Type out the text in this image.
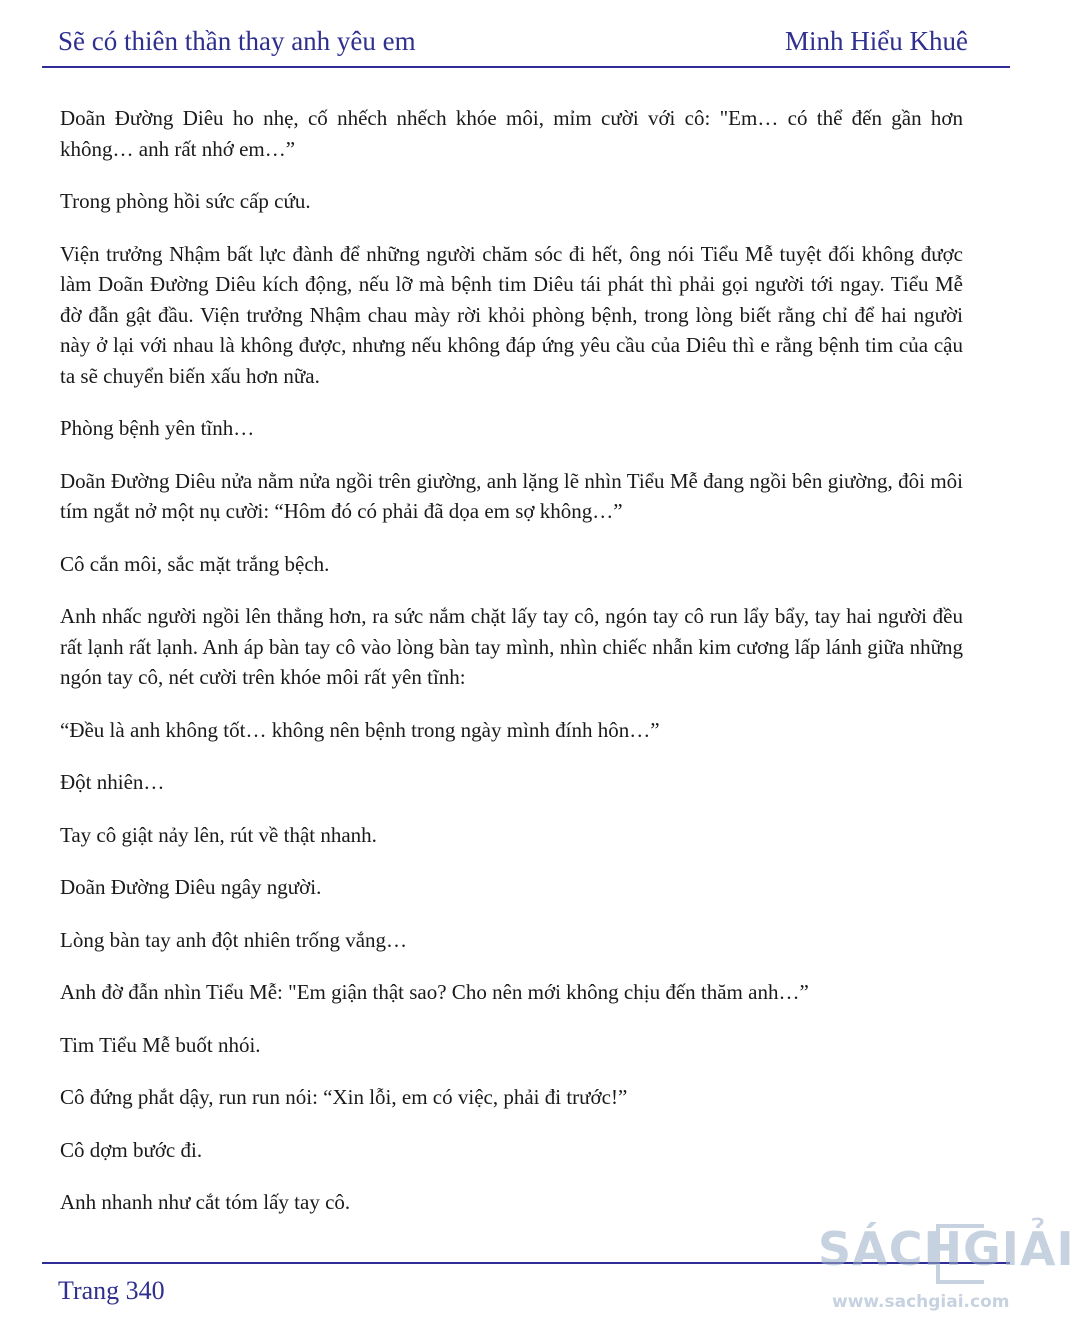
Sẽ có thiên thần thay anh yêu em	Minh Hiểu Khuê

Doãn Đường Diêu ho nhẹ, cố nhếch nhếch khóe môi, mỉm cười với cô: "Em… có thể đến gần hơn không… anh rất nhớ em…”

Trong phòng hồi sức cấp cứu.

Viện trưởng Nhậm bất lực đành để những người chăm sóc đi hết, ông nói Tiểu Mễ tuyệt đối không được làm Doãn Đường Diêu kích động, nếu lỡ mà bệnh tim Diêu tái phát thì phải gọi người tới ngay. Tiểu Mễ đờ đẫn gật đầu. Viện trưởng Nhậm chau mày rời khỏi phòng bệnh, trong lòng biết rằng chỉ để hai người này ở lại với nhau là không được, nhưng nếu không đáp ứng yêu cầu của Diêu thì e rằng bệnh tim của cậu ta sẽ chuyển biến xấu hơn nữa.

Phòng bệnh yên tĩnh…

Doãn Đường Diêu nửa nằm nửa ngồi trên giường, anh lặng lẽ nhìn Tiểu Mễ đang ngồi bên giường, đôi môi tím ngắt nở một nụ cười: “Hôm đó có phải đã dọa em sợ không…”

Cô cắn môi, sắc mặt trắng bệch.

Anh nhấc người ngồi lên thẳng hơn, ra sức nắm chặt lấy tay cô, ngón tay cô run lẩy bẩy, tay hai người đều rất lạnh rất lạnh. Anh áp bàn tay cô vào lòng bàn tay mình, nhìn chiếc nhẫn kim cương lấp lánh giữa những ngón tay cô, nét cười trên khóe môi rất yên tĩnh:

“Đều là anh không tốt… không nên bệnh trong ngày mình đính hôn…”

Đột nhiên…

Tay cô giật nảy lên, rút về thật nhanh.

Doãn Đường Diêu ngây người.

Lòng bàn tay anh đột nhiên trống vắng…

Anh đờ đẫn nhìn Tiểu Mễ: "Em giận thật sao? Cho nên mới không chịu đến thăm anh…”

Tim Tiểu Mễ buốt nhói.

Cô đứng phắt dậy, run run nói: “Xin lỗi, em có việc, phải đi trước!”

Cô dợm bước đi.

Anh nhanh như cắt tóm lấy tay cô.

Trang 340
SÁCHGIẢI
www.sachgiai.com
